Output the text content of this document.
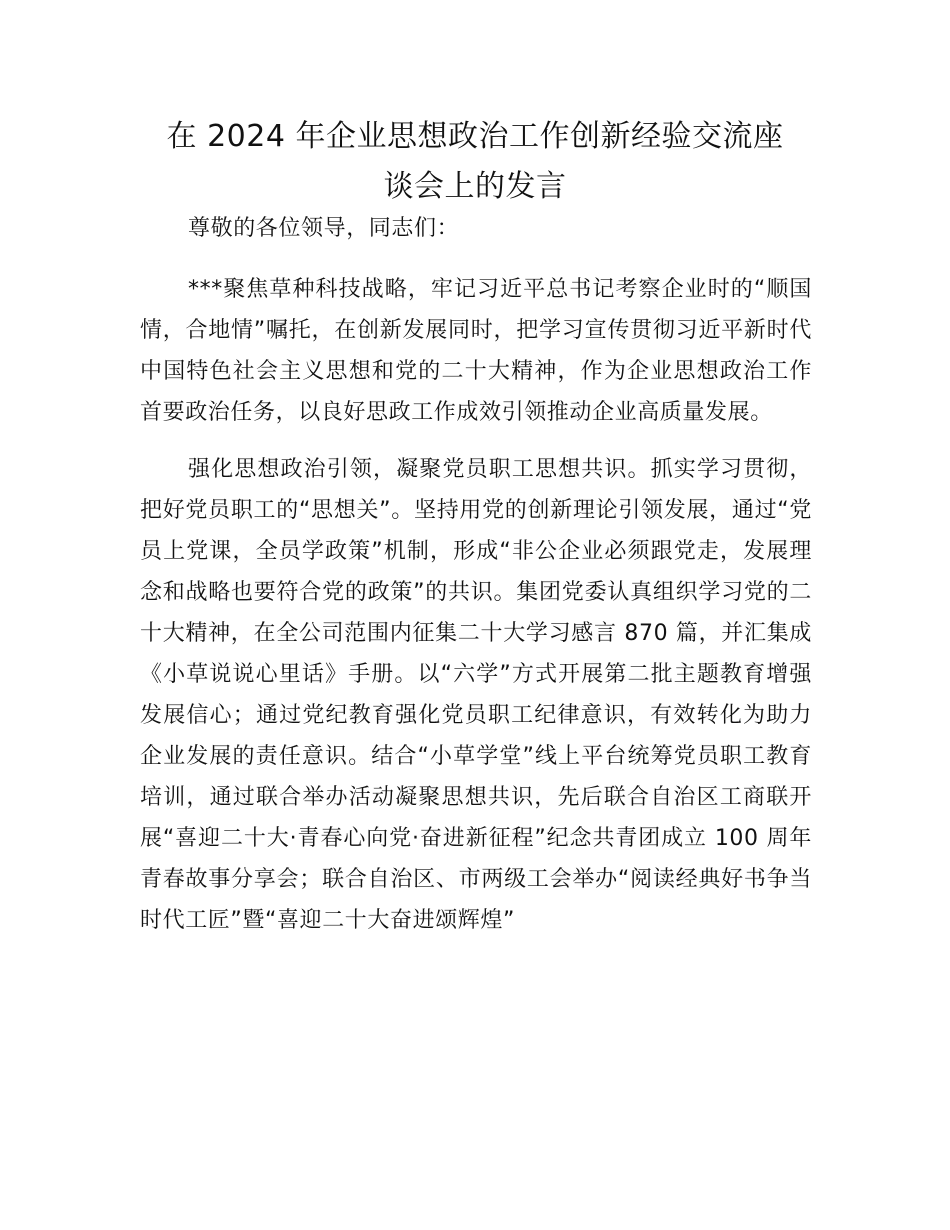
在 2024 年企业思想政治工作创新经验交流座
谈会上的发言

尊敬的各位领导，同志们：

***聚焦草种科技战略，牢记习近平总书记考察企业时的“顺国情，合地情”嘱托，在创新发展同时，把学习宣传贯彻习近平新时代中国特色社会主义思想和党的二十大精神，作为企业思想政治工作首要政治任务，以良好思政工作成效引领推动企业高质量发展。

强化思想政治引领，凝聚党员职工思想共识。抓实学习贯彻，把好党员职工的“思想关”。坚持用党的创新理论引领发展，通过“党员上党课，全员学政策”机制，形成“非公企业必须跟党走，发展理念和战略也要符合党的政策”的共识。集团党委认真组织学习党的二十大精神，在全公司范围内征集二十大学习感言 870 篇，并汇集成《小草说说心里话》手册。以“六学”方式开展第二批主题教育增强发展信心；通过党纪教育强化党员职工纪律意识，有效转化为助力企业发展的责任意识。结合“小草学堂”线上平台统筹党员职工教育培训，通过联合举办活动凝聚思想共识，先后联合自治区工商联开展“喜迎二十大·青春心向党·奋进新征程”纪念共青团成立 100 周年青春故事分享会；联合自治区、市两级工会举办“阅读经典好书争当时代工匠”暨“喜迎二十大奋进颂辉煌”
